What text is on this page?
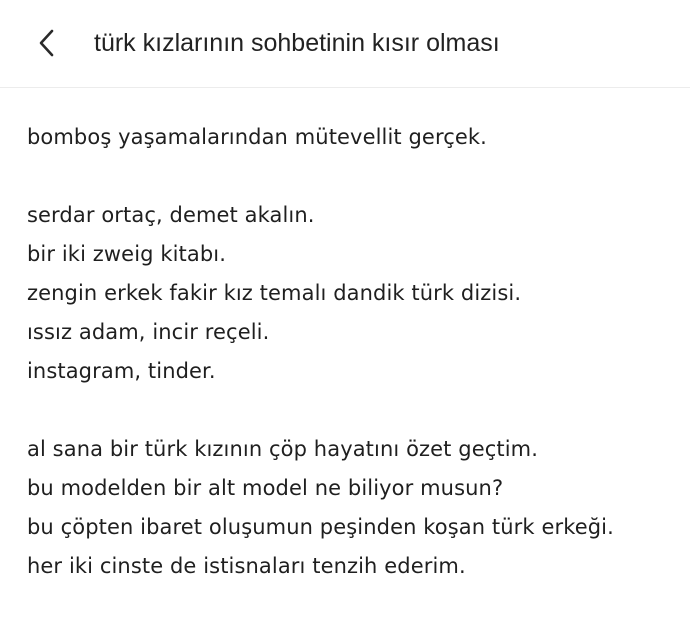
türk kızlarının sohbetinin kısır olması
bomboş yaşamalarından mütevellit gerçek.
serdar ortaç, demet akalın.
bir iki zweig kitabı.
zengin erkek fakir kız temalı dandik türk dizisi.
ıssız adam, incir reçeli.
instagram, tinder.
al sana bir türk kızının çöp hayatını özet geçtim.
bu modelden bir alt model ne biliyor musun?
bu çöpten ibaret oluşumun peşinden koşan türk erkeği.
her iki cinste de istisnaları tenzih ederim.
